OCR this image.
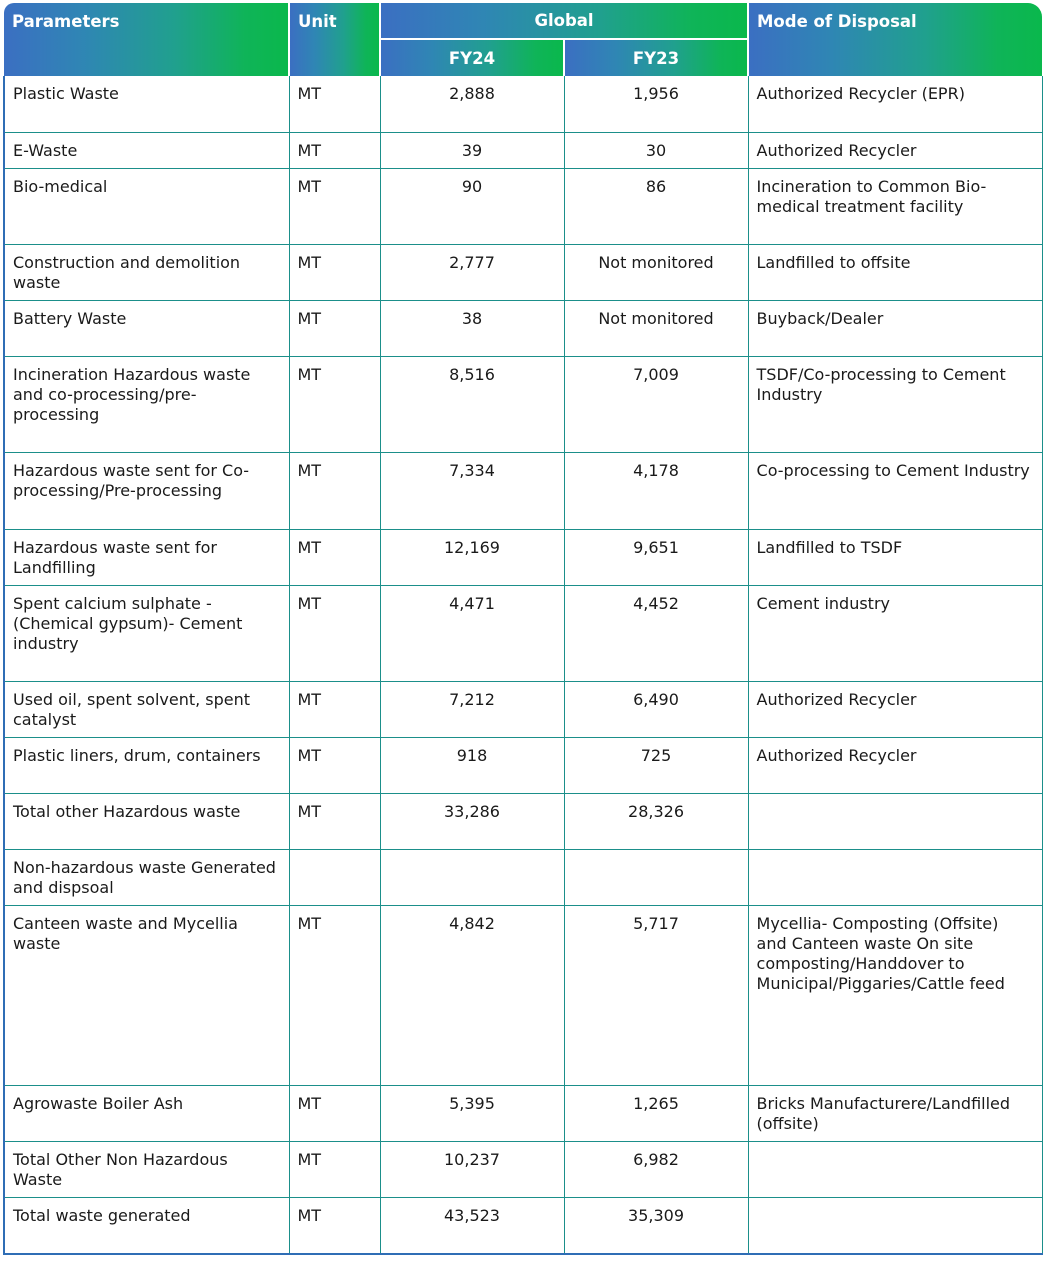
Parameters	Unit	Global		Mode of Disposal
		FY24	FY23	
Plastic Waste	MT	2,888	1,956	Authorized Recycler (EPR)
E-Waste	MT	39	30	Authorized Recycler
Bio-medical	MT	90	86	Incineration to Common Bio-medical treatment facility
Construction and demolition waste	MT	2,777	Not monitored	Landfilled to offsite
Battery Waste	MT	38	Not monitored	Buyback/Dealer
Incineration Hazardous waste and co-processing/pre-processing	MT	8,516	7,009	TSDF/Co-processing to Cement Industry
Hazardous waste sent for Co-processing/Pre-processing	MT	7,334	4,178	Co-processing to Cement Industry
Hazardous waste sent for Landfilling	MT	12,169	9,651	Landfilled to TSDF
Spent calcium sulphate -(Chemical gypsum)- Cement industry	MT	4,471	4,452	Cement industry
Used oil, spent solvent, spent catalyst	MT	7,212	6,490	Authorized Recycler
Plastic liners, drum, containers	MT	918	725	Authorized Recycler
Total other Hazardous waste	MT	33,286	28,326	
Non-hazardous waste Generated and dispsoal				
Canteen waste and Mycellia waste	MT	4,842	5,717	Mycellia- Composting (Offsite) and Canteen waste On site composting/Handdover to Municipal/Piggaries/Cattle feed
Agrowaste Boiler Ash	MT	5,395	1,265	Bricks Manufacturere/Landfilled (offsite)
Total Other Non Hazardous Waste	MT	10,237	6,982	
Total waste generated	MT	43,523	35,309	
